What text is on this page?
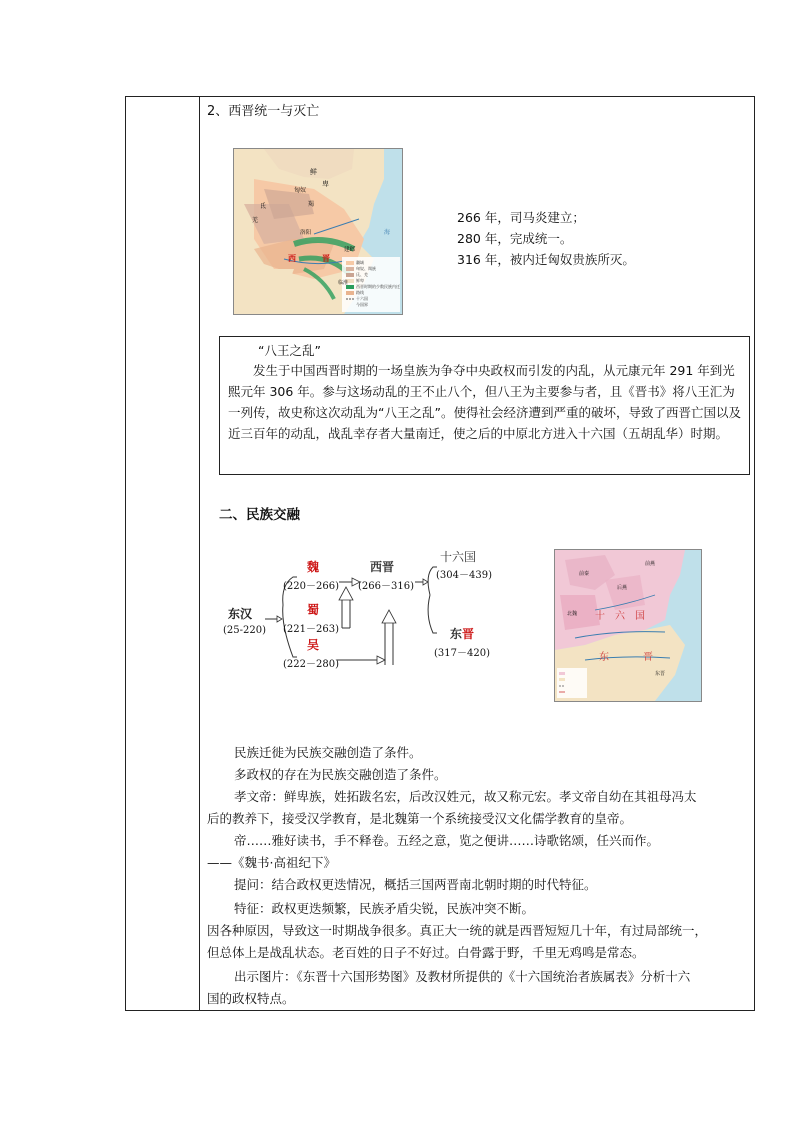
2、西晋统一与灭亡
鲜
卑
匈奴
羯
氐
羌
洛阳
建邺
西	晋
海
临淮
疆域
匈奴、羯族
氐、羌
鲜卑
西晋时期的少数民族内迁路线
十六国
今国界
266 年，司马炎建立；
280 年，完成统一。
316 年，被内迁匈奴贵族所灭。
“八王之乱”
发生于中国西晋时期的一场皇族为争夺中央政权而引发的内乱，从元康元年 291 年到光熙元年 306 年。参与这场动乱的王不止八个，但八王为主要参与者，且《晋书》将八王汇为一列传，故史称这次动乱为“八王之乱”。使得社会经济遭到严重的破坏，导致了西晋亡国以及近三百年的动乱，战乱幸存者大量南迁，使之后的中原北方进入十六国（五胡乱华）时期。
二、民族交融
东汉
(25-220)
魏
(220－266)
蜀
(221－263)
吴
(222－280)
西晋
(266－316)
十六国
(304－439)
东晋
(317－420)
十 六 国
东	晋
前燕
前秦
后燕
北魏
东晋
民族迁徙为民族交融创造了条件。
多政权的存在为民族交融创造了条件。
孝文帝：鲜卑族，姓拓跋名宏，后改汉姓元，故又称元宏。孝文帝自幼在其祖母冯太
后的教养下，接受汉学教育，是北魏第一个系统接受汉文化儒学教育的皇帝。
帝……雅好读书，手不释卷。五经之意，览之便讲……诗歌铭颂，任兴而作。
——《魏书·高祖纪下》
提问：结合政权更迭情况，概括三国两晋南北朝时期的时代特征。
特征：政权更迭频繁，民族矛盾尖锐，民族冲突不断。
因各种原因，导致这一时期战争很多。真正大一统的就是西晋短短几十年，有过局部统一，
但总体上是战乱状态。老百姓的日子不好过。白骨露于野，千里无鸡鸣是常态。
出示图片：《东晋十六国形势图》及教材所提供的《十六国统治者族属表》分析十六
国的政权特点。
